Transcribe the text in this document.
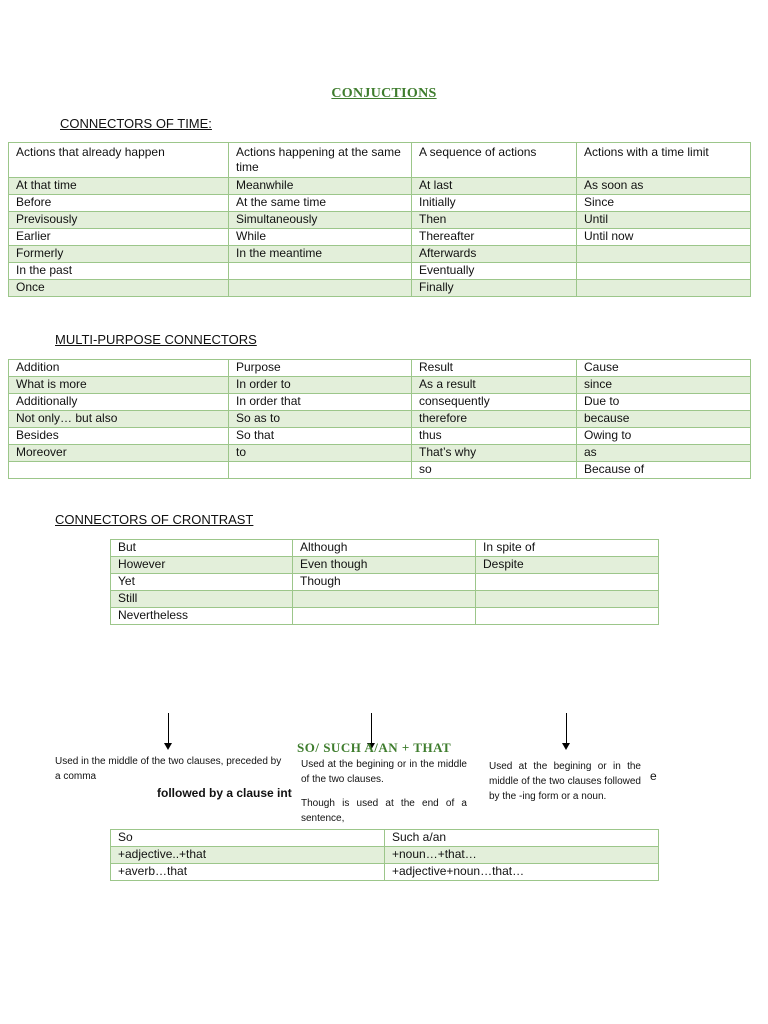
CONJUCTIONS
CONNECTORS OF TIME:
Actions that already happen	Actions happening at the same time	A sequence of actions	Actions with a time limit
At that time	Meanwhile	At last	As soon as
Before	At the same time	Initially	Since
Previsously	Simultaneously	Then	Until
Earlier	While	Thereafter	Until now
Formerly	In the meantime	Afterwards	
In the past		Eventually	
Once		Finally	
MULTI-PURPOSE CONNECTORS
Addition	Purpose	Result	Cause
What is more	In order to	As a result	since
Additionally	In order that	consequently	Due to
Not only… but also	So as to	therefore	because
Besides	So that	thus	Owing to
Moreover	to	That’s why	as
		so	Because of
CONNECTORS OF CRONTRAST
But	Although	In spite of
However	Even though	Despite
Yet	Though	
Still		
Nevertheless		
SO/ SUCH A/AN + THAT
Used in the middle of the two clauses, preceded by a comma
followed by a clause int
Used at the begining or in the middle of the two clauses.
Though is used at the end of a sentence,
Used at the begining or in the middle of the two clauses followed by the -ing form or a noun.
e
So	Such a/an
+adjective..+that	+noun…+that…
+averb…that	+adjective+noun…that…
